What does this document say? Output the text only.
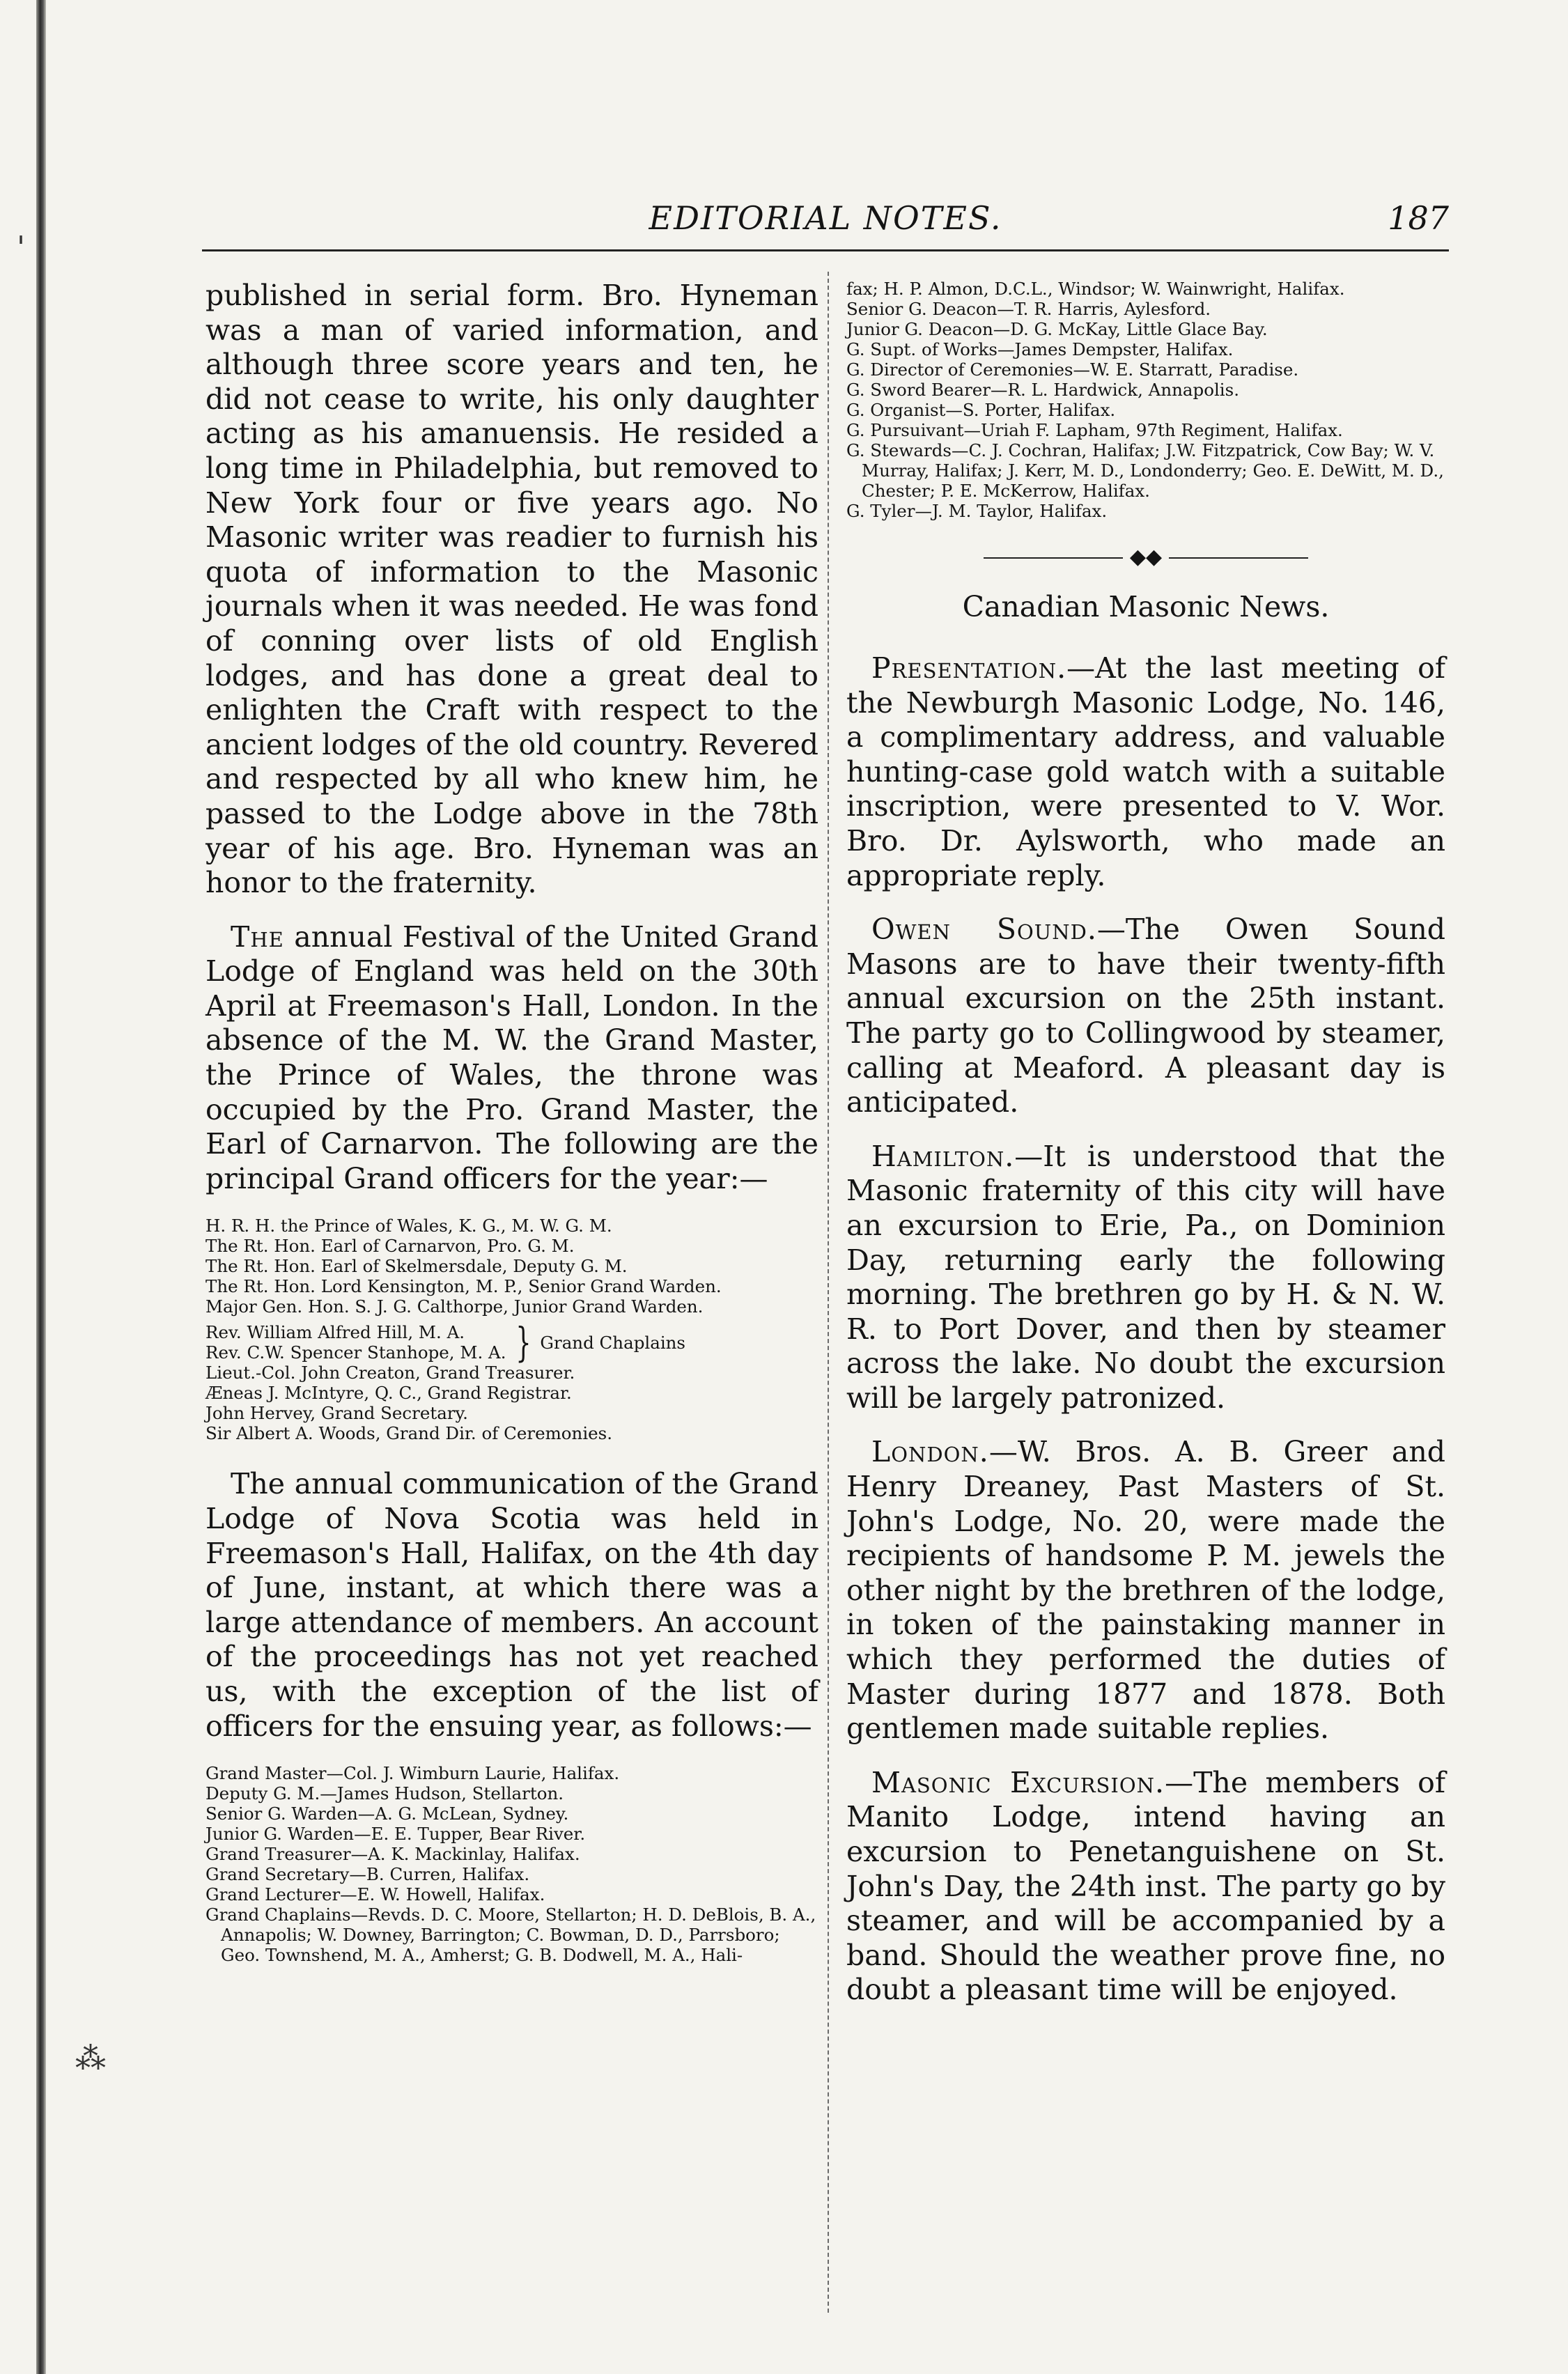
'
⁂
EDITORIAL NOTES.	187

published in serial form. Bro. Hyneman was a man of varied information, and although three score years and ten, he did not cease to write, his only daughter acting as his amanuensis. He resided a long time in Philadelphia, but removed to New York four or five years ago. No Masonic writer was readier to furnish his quota of information to the Masonic journals when it was needed. He was fond of conning over lists of old English lodges, and has done a great deal to enlighten the Craft with respect to the ancient lodges of the old country. Revered and respected by all who knew him, he passed to the Lodge above in the 78th year of his age. Bro. Hyneman was an honor to the fraternity.

The annual Festival of the United Grand Lodge of England was held on the 30th April at Freemason's Hall, London. In the absence of the M. W. the Grand Master, the Prince of Wales, the throne was occupied by the Pro. Grand Master, the Earl of Carnarvon. The following are the principal Grand officers for the year:—

H. R. H. the Prince of Wales, K. G., M. W. G. M.
The Rt. Hon. Earl of Carnarvon, Pro. G. M.
The Rt. Hon. Earl of Skelmersdale, Deputy G. M.
The Rt. Hon. Lord Kensington, M. P., Senior Grand Warden.
Major Gen. Hon. S. J. G. Calthorpe, Junior Grand Warden.
Rev. William Alfred Hill, M. A.
Rev. C.W. Spencer Stanhope, M. A. } Grand Chaplains
Lieut.-Col. John Creaton, Grand Treasurer.
Æneas J. McIntyre, Q. C., Grand Registrar.
John Hervey, Grand Secretary.
Sir Albert A. Woods, Grand Dir. of Ceremonies.

The annual communication of the Grand Lodge of Nova Scotia was held in Freemason's Hall, Halifax, on the 4th day of June, instant, at which there was a large attendance of members. An account of the proceedings has not yet reached us, with the exception of the list of officers for the ensuing year, as follows:—

Grand Master—Col. J. Wimburn Laurie, Halifax.
Deputy G. M.—James Hudson, Stellarton.
Senior G. Warden—A. G. McLean, Sydney.
Junior G. Warden—E. E. Tupper, Bear River.
Grand Treasurer—A. K. Mackinlay, Halifax.
Grand Secretary—B. Curren, Halifax.
Grand Lecturer—E. W. Howell, Halifax.
Grand Chaplains—Revds. D. C. Moore, Stellarton; H. D. DeBlois, B. A., Annapolis; W. Downey, Barrington; C. Bowman, D. D., Parrsboro; Geo. Townshend, M. A., Amherst; G. B. Dodwell, M. A., Hali-
fax; H. P. Almon, D.C.L., Windsor; W. Wainwright, Halifax.
Senior G. Deacon—T. R. Harris, Aylesford.
Junior G. Deacon—D. G. McKay, Little Glace Bay.
G. Supt. of Works—James Dempster, Halifax.
G. Director of Ceremonies—W. E. Starratt, Paradise.
G. Sword Bearer—R. L. Hardwick, Annapolis.
G. Organist—S. Porter, Halifax.
G. Pursuivant—Uriah F. Lapham, 97th Regiment, Halifax.
G. Stewards—C. J. Cochran, Halifax; J.W. Fitzpatrick, Cow Bay; W. V. Murray, Halifax; J. Kerr, M. D., Londonderry; Geo. E. DeWitt, M. D., Chester; P. E. McKerrow, Halifax.
G. Tyler—J. M. Taylor, Halifax.
◆◆
Canadian Masonic News.

Presentation.—At the last meeting of the Newburgh Masonic Lodge, No. 146, a complimentary address, and valuable hunting-case gold watch with a suitable inscription, were presented to V. Wor. Bro. Dr. Aylsworth, who made an appropriate reply.

Owen Sound.—The Owen Sound Masons are to have their twenty-fifth annual excursion on the 25th instant. The party go to Collingwood by steamer, calling at Meaford. A pleasant day is anticipated.

Hamilton.—It is understood that the Masonic fraternity of this city will have an excursion to Erie, Pa., on Dominion Day, returning early the following morning. The brethren go by H. & N. W. R. to Port Dover, and then by steamer across the lake. No doubt the excursion will be largely patronized.

London.—W. Bros. A. B. Greer and Henry Dreaney, Past Masters of St. John's Lodge, No. 20, were made the recipients of handsome P. M. jewels the other night by the brethren of the lodge, in token of the painstaking manner in which they performed the duties of Master during 1877 and 1878. Both gentlemen made suitable replies.

Masonic Excursion.—The members of Manito Lodge, intend having an excursion to Penetanguishene on St. John's Day, the 24th inst. The party go by steamer, and will be accompanied by a band. Should the weather prove fine, no doubt a pleasant time will be enjoyed.
